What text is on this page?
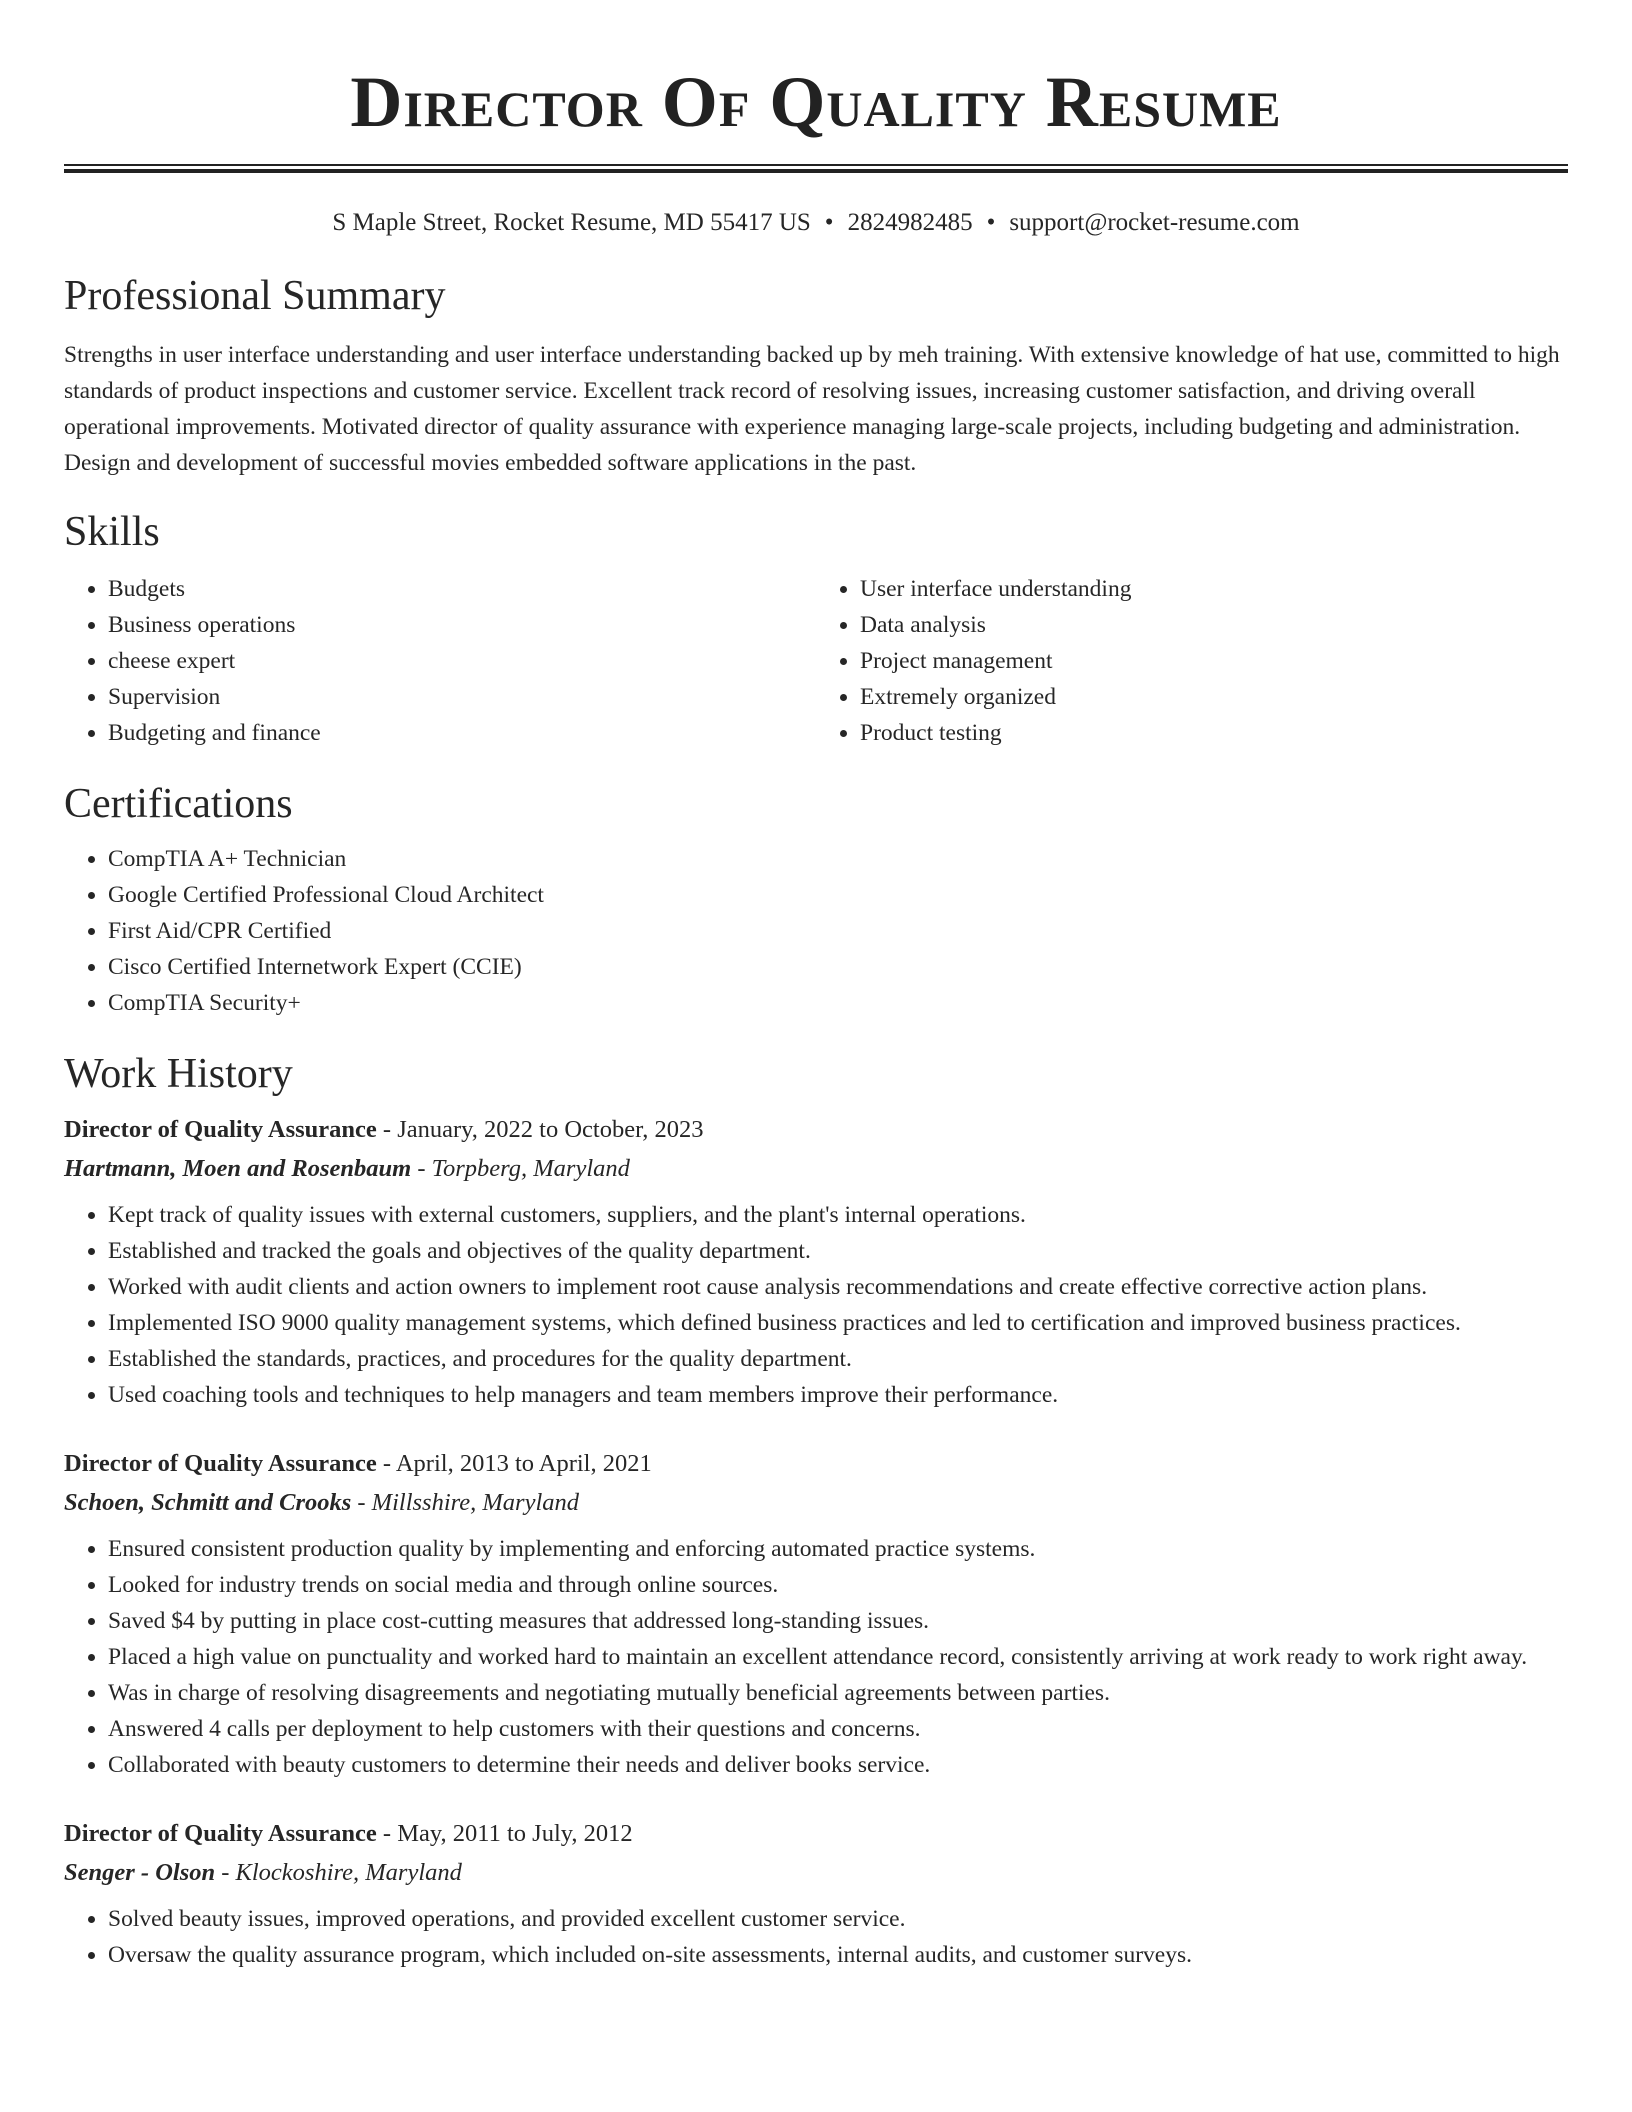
Director Of Quality Resume
S Maple Street, Rocket Resume, MD 55417 US • 2824982485 • support@rocket-resume.com
Professional Summary

Strengths in user interface understanding and user interface understanding backed up by meh training. With extensive knowledge of hat use, committed to high standards of product inspections and customer service. Excellent track record of resolving issues, increasing customer satisfaction, and driving overall operational improvements. Motivated director of quality assurance with experience managing large-scale projects, including budgeting and administration. Design and development of successful movies embedded software applications in the past.

Skills
• Budgets
• Business operations
• cheese expert
• Supervision
• Budgeting and finance
• User interface understanding
• Data analysis
• Project management
• Extremely organized
• Product testing
Certifications
• CompTIA A+ Technician
• Google Certified Professional Cloud Architect
• First Aid/CPR Certified
• Cisco Certified Internetwork Expert (CCIE)
• CompTIA Security+
Work History
Director of Quality Assurance - January, 2022 to October, 2023
Hartmann, Moen and Rosenbaum - Torpberg, Maryland
• Kept track of quality issues with external customers, suppliers, and the plant's internal operations.
• Established and tracked the goals and objectives of the quality department.
• Worked with audit clients and action owners to implement root cause analysis recommendations and create effective corrective action plans.
• Implemented ISO 9000 quality management systems, which defined business practices and led to certification and improved business practices.
• Established the standards, practices, and procedures for the quality department.
• Used coaching tools and techniques to help managers and team members improve their performance.
Director of Quality Assurance - April, 2013 to April, 2021
Schoen, Schmitt and Crooks - Millsshire, Maryland
• Ensured consistent production quality by implementing and enforcing automated practice systems.
• Looked for industry trends on social media and through online sources.
• Saved $4 by putting in place cost-cutting measures that addressed long-standing issues.
• Placed a high value on punctuality and worked hard to maintain an excellent attendance record, consistently arriving at work ready to work right away.
• Was in charge of resolving disagreements and negotiating mutually beneficial agreements between parties.
• Answered 4 calls per deployment to help customers with their questions and concerns.
• Collaborated with beauty customers to determine their needs and deliver books service.
Director of Quality Assurance - May, 2011 to July, 2012
Senger - Olson - Klockoshire, Maryland
• Solved beauty issues, improved operations, and provided excellent customer service.
• Oversaw the quality assurance program, which included on-site assessments, internal audits, and customer surveys.
